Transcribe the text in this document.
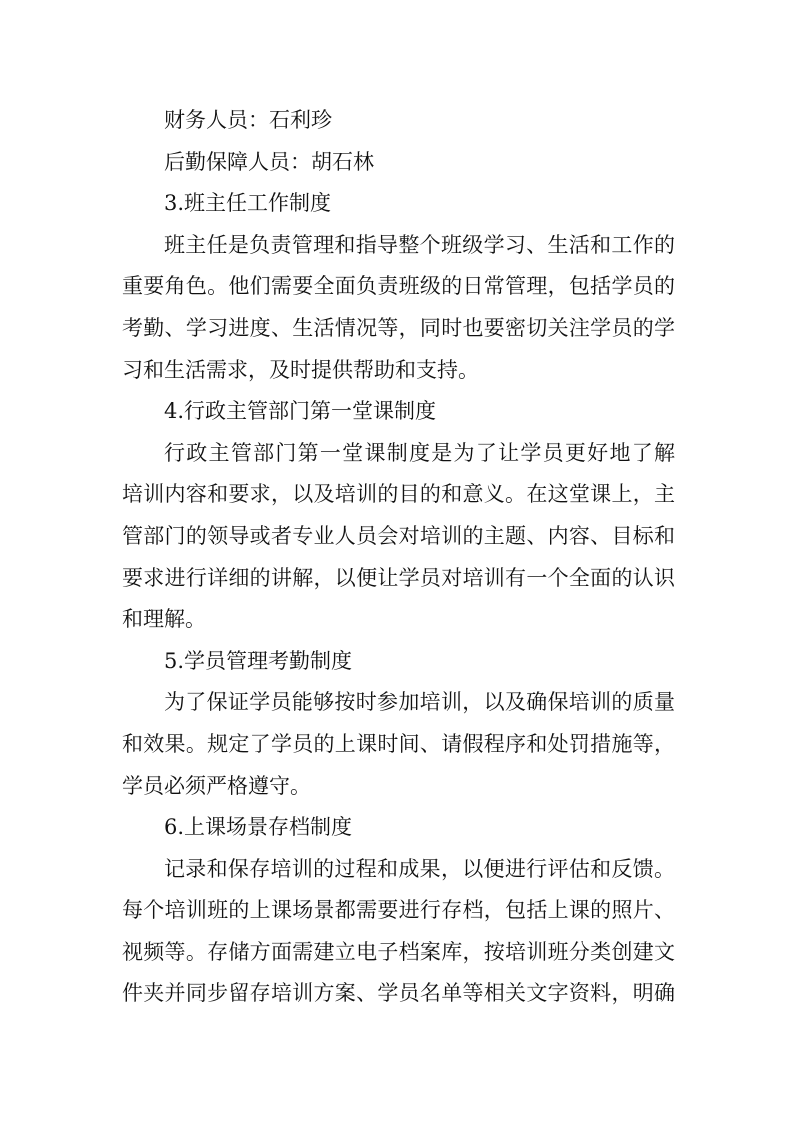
财务人员：石利珍

后勤保障人员：胡石林

3.班主任工作制度

班主任是负责管理和指导整个班级学习、生活和工作的

重要角色。他们需要全面负责班级的日常管理，包括学员的

考勤、学习进度、生活情况等，同时也要密切关注学员的学

习和生活需求，及时提供帮助和支持。

4.行政主管部门第一堂课制度

行政主管部门第一堂课制度是为了让学员更好地了解

培训内容和要求，以及培训的目的和意义。在这堂课上，主

管部门的领导或者专业人员会对培训的主题、内容、目标和

要求进行详细的讲解，以便让学员对培训有一个全面的认识

和理解。

5.学员管理考勤制度

为了保证学员能够按时参加培训，以及确保培训的质量

和效果。规定了学员的上课时间、请假程序和处罚措施等，

学员必须严格遵守。

6.上课场景存档制度

记录和保存培训的过程和成果，以便进行评估和反馈。

每个培训班的上课场景都需要进行存档，包括上课的照片、

视频等。存储方面需建立电子档案库，按培训班分类创建文

件夹并同步留存培训方案、学员名单等相关文字资料，明确
